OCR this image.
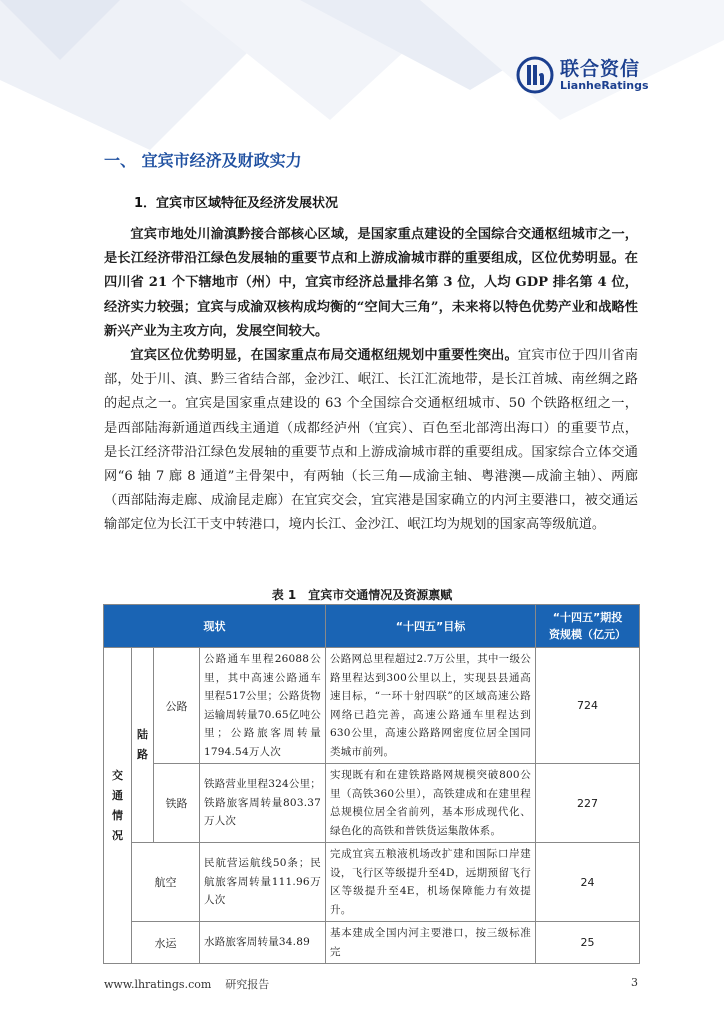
联合资信
LianheRatings
一、 宜宾市经济及财政实力
1．宜宾市区域特征及经济发展状况

宜宾市地处川渝滇黔接合部核心区域，是国家重点建设的全国综合交通枢纽城市之一，是长江经济带沿江绿色发展轴的重要节点和上游成渝城市群的重要组成，区位优势明显。在四川省 21 个下辖地市（州）中，宜宾市经济总量排名第 3 位，人均 GDP 排名第 4 位，经济实力较强；宜宾与成渝双核构成均衡的“空间大三角”，未来将以特色优势产业和战略性新兴产业为主攻方向，发展空间较大。

宜宾区位优势明显，在国家重点布局交通枢纽规划中重要性突出。宜宾市位于四川省南部，处于川、滇、黔三省结合部，金沙江、岷江、长江汇流地带，是长江首城、南丝绸之路的起点之一。宜宾是国家重点建设的 63 个全国综合交通枢纽城市、50 个铁路枢纽之一，是西部陆海新通道西线主通道（成都经泸州（宜宾）、百色至北部湾出海口）的重要节点，是长江经济带沿江绿色发展轴的重要节点和上游成渝城市群的重要组成。国家综合立体交通网“6 轴 7 廊 8 通道”主骨架中，有两轴（长三角—成渝主轴、粤港澳—成渝主轴）、两廊（西部陆海走廊、成渝昆走廊）在宜宾交会，宜宾港是国家确立的内河主要港口，被交通运输部定位为长江干支中转港口，境内长江、金沙江、岷江均为规划的国家高等级航道。

表 1　宜宾市交通情况及资源禀赋
现状				“十四五”目标	“十四五”期投
资规模（亿元）
交
通
情
况	陆
路	公路	公路通车里程26088公里，其中高速公路通车里程517公里；公路货物运输周转量70.65亿吨公里；公路旅客周转量1794.54万人次	公路网总里程超过2.7万公里，其中一级公路里程达到300公里以上，实现县县通高速目标，“一环十射四联”的区域高速公路网络已趋完善，高速公路通车里程达到630公里，高速公路路网密度位居全国同类城市前列。	724
		铁路	铁路营业里程324公里；铁路旅客周转量803.37万人次	实现既有和在建铁路路网规模突破800公里（高铁360公里），高铁建成和在建里程总规模位居全省前列，基本形成现代化、绿色化的高铁和普铁货运集散体系。	227
	航空		民航营运航线50条；民航旅客周转量111.96万人次	完成宜宾五粮液机场改扩建和国际口岸建设，飞行区等级提升至4D，远期预留飞行区等级提升至4E，机场保障能力有效提升。	24
	水运		水路旅客周转量34.89	基本建成全国内河主要港口，按三级标准完	25
www.lhratings.com 研究报告	3
